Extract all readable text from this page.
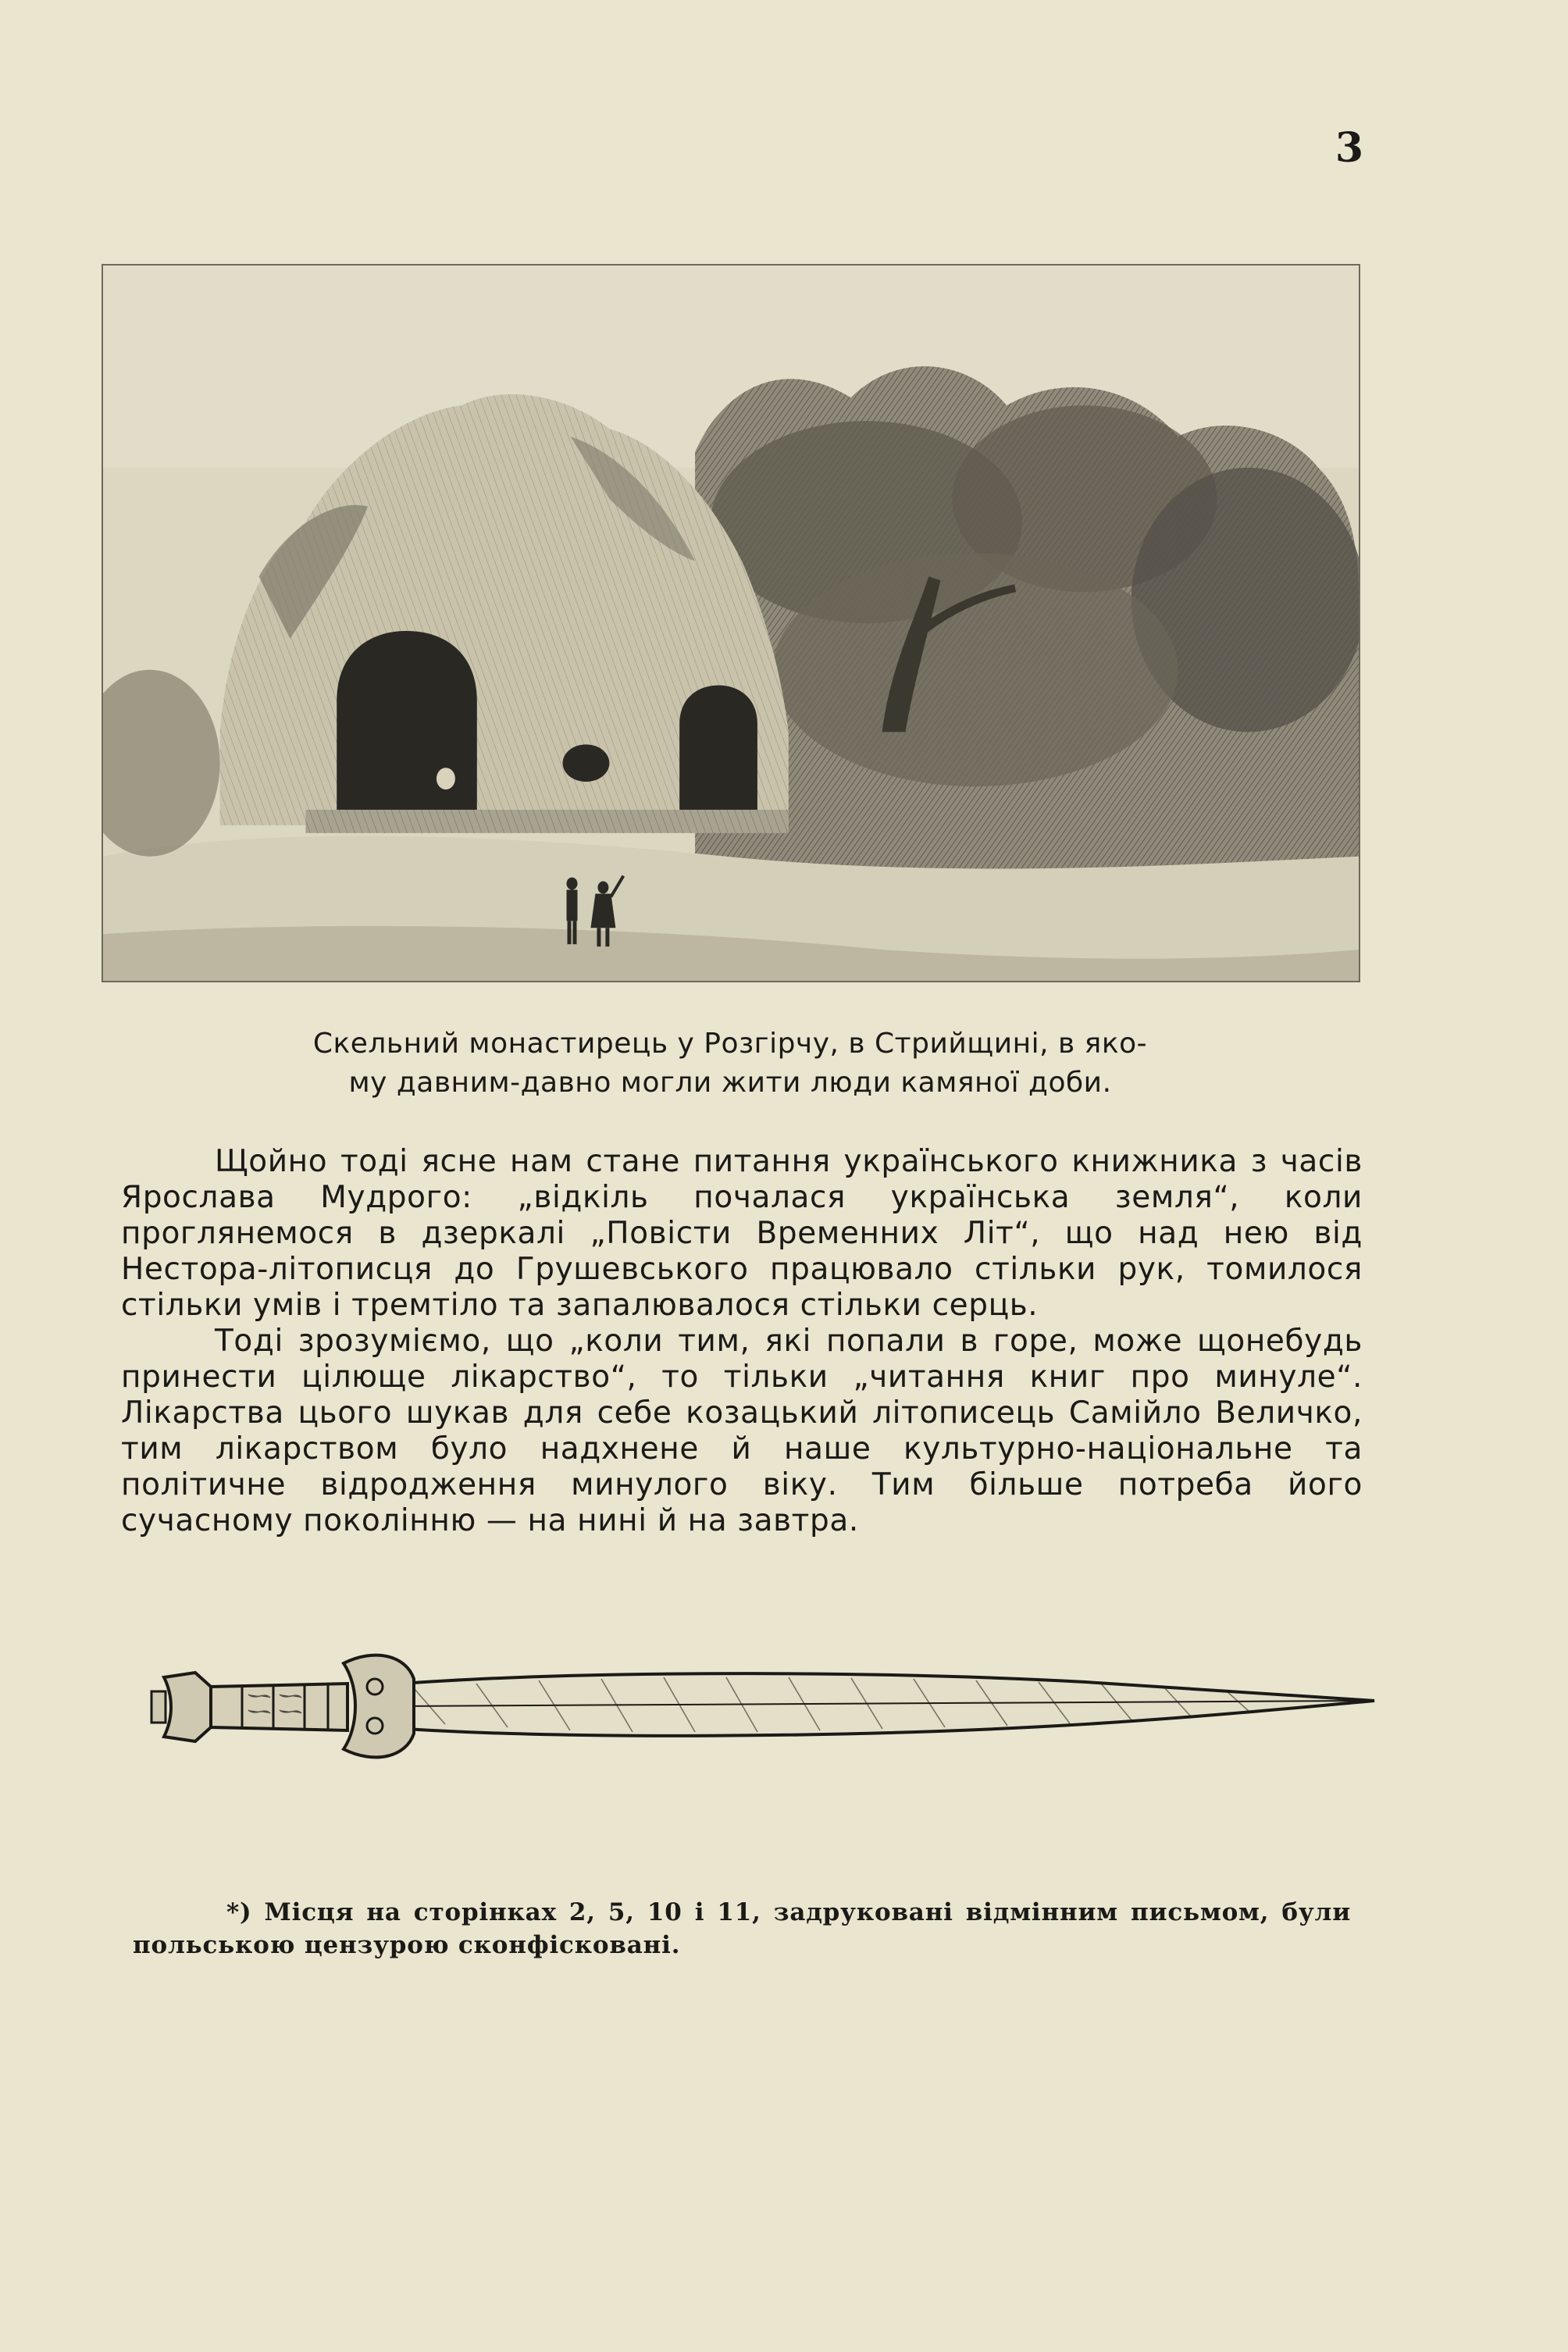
3
Скельний монастирець у Розгірчу, в Стрийщині, в яко-
му давним-давно могли жити люди камяної доби.

Щойно тоді ясне нам стане питання українського книжника з часів Ярослава Мудрого: „відкіль почалася українська земля“, коли проглянемося в дзеркалі „Повісти Временних Літ“, що над нею від Нестора-літописця до Грушевського працювало стільки рук, томилося стільки умів і тремтіло та запалювалося стільки серць.

Тоді зрозуміємо, що „коли тим, які попали в горе, може щонебудь принести цілюще лікарство“, то тільки „читання книг про минуле“. Лікарства цього шукав для себе козацький літописець Самійло Величко, тим лікарством було надхнене й наше культурно-національне та політичне відродження минулого віку. Тим більше потреба його сучасному поколінню — на нині й на завтра.

*) Місця на сторінках 2, 5, 10 і 11, задруковані відмінним письмом, були польською цензурою сконфісковані.
